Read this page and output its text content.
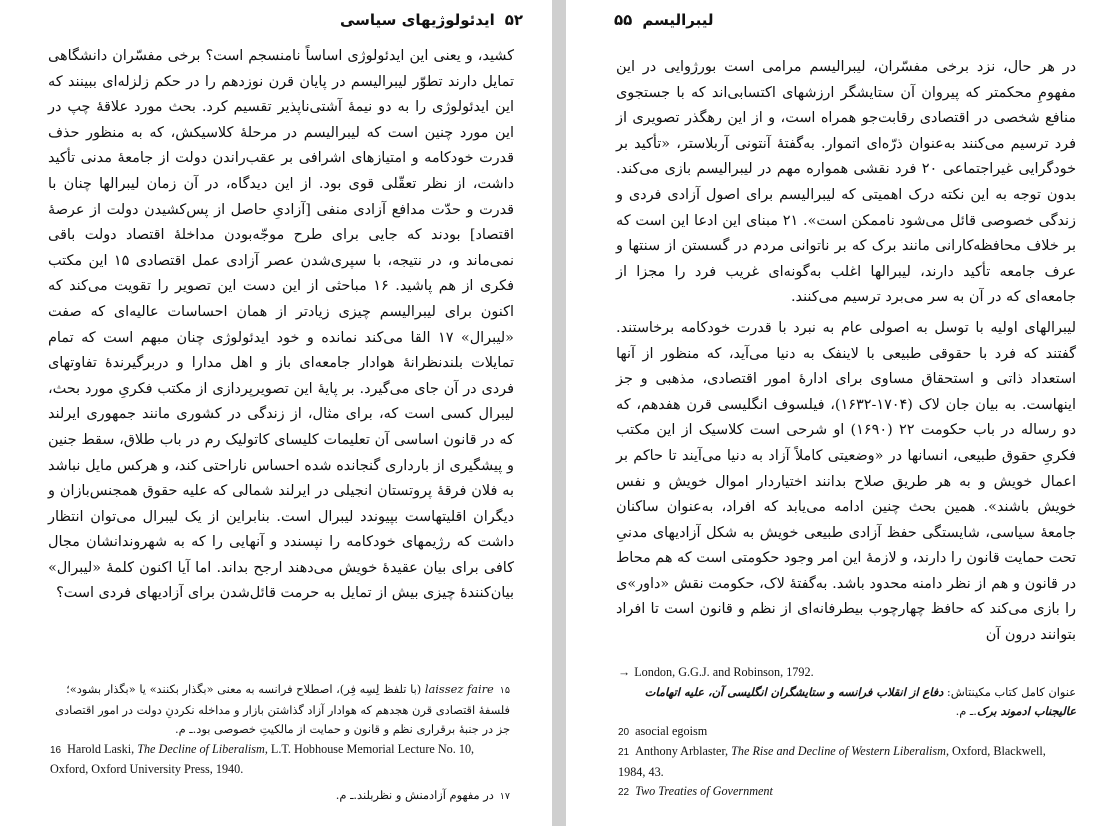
۵۲
ایدئولوژیهای سیاسی

کشید، و یعنی این ایدئولوژی اساساً نامنسجم است؟ برخی مفسّران دانشگاهی تمایل دارند تطوّر لیبرالیسم در پایان قرن نوزدهم را در حکم زلزله‌ای ببینند که این ایدئولوژی را به دو نیمهٔ آشتی‌ناپذیر تقسیم کرد. بحث مورد علاقهٔ چپ در این مورد چنین است که لیبرالیسم در مرحلهٔ کلاسیکش، که به منظور حذف قدرت خودکامه و امتیازهای اشرافی بر عقب‌راندن دولت از جامعهٔ مدنی تأکید داشت، از نظر تعقّلی قوی بود. از این دیدگاه، در آن زمان لیبرالها چنان با قدرت و حدّت مدافع آزادی منفی [آزادیِ حاصل از پس‌کشیدن دولت از عرصهٔ اقتصاد] بودند که جایی برای طرح موجّه‌بودن مداخلهٔ اقتصاد دولت باقی نمی‌ماند و، در نتیجه، با سپری‌شدن عصر آزادی عمل اقتصادی ۱۵ این مکتب فکری از هم پاشید. ۱۶ مباحثی از این دست این تصویر را تقویت می‌کند که اکنون برای لیبرالیسم چیزی زیادتر از همان احساسات عالیه‌ای که صفت «لیبرال» ۱۷ القا می‌کند نمانده و خود ایدئولوژی چنان مبهم است که تمام تمایلات بلند‌نظرانهٔ هوادار جامعه‌ای باز و اهل مدارا و دربرگیرندهٔ تفاوتهای فردی در آن جای می‌گیرد. بر پایهٔ این تصویرپردازی از مکتب فکریِ مورد بحث، لیبرال کسی است که، برای مثال، از زندگی در کشوری مانند جمهوری ایرلند که در قانون اساسی آن تعلیمات کلیسای کاتولیک رم در باب طلاق، سقط جنین و پیشگیری از بارداری گنجانده شده احساس ناراحتی کند، و هرکس مایل نباشد به فلان فرقهٔ پروتستان انجیلی در ایرلند شمالی که علیه حقوق همجنس‌بازان و دیگران اقلیتهاست بپیوندد لیبرال است. بنابراین از یک لیبرال می‌توان انتظار داشت که رژیمهای خودکامه را نپسندد و آنهایی را که به شهروندانشان مجال کافی برای بیان عقیدهٔ خویش می‌دهند ارجح بداند. اما آیا اکنون کلمهٔ «لیبرال» بیان‌کنندهٔ چیزی بیش از تمایل به حرمت قائل‌شدن برای آزادیهای فردی است؟

۱۵laissez faire (با تلفظ لِسِه فِر)، اصطلاح فرانسه به معنی «بگذار بکنند» یا «بگذار بشود»؛ فلسفهٔ اقتصادی قرن هجدهم که هوادار آزاد گذاشتن بازار و مداخله نکردنِ دولت در امور اقتصادی جز در جنبهٔ برقراری نظم و قانون و حمایت از مالکیتِ خصوصی بود.ـ م.

16 Harold Laski, The Decline of Liberalism, L.T. Hobhouse Memorial Lecture No. 10, Oxford, Oxford University Press, 1940.

۱۷در مفهوم آزادمنش و نظربلند.ـ م.

لیبرالیسم
۵۵

در هر حال، نزد برخی مفسّران، لیبرالیسم مرامی است بورژوایی در این مفهومِ محکمتر که پیروان آن ستایشگر ارزشهای اکتسابی‌اند که با جستجوی منافع شخصی در اقتصادی رقابت‌جو همراه است، و از این رهگذر تصویری از فرد ترسیم می‌کنند به‌عنوان ذرّه‌ای اتموار. به‌گفتهٔ آنتونی آربلاستر، «تأکید بر خودگرایی غیراجتماعی ۲۰ فرد نقشی همواره مهم در لیبرالیسم بازی می‌کند. بدون توجه به این نکته درک اهمیتی که لیبرالیسم برای اصول آزادی فردی و زندگی خصوصی قائل می‌شود ناممکن است». ۲۱ مبنای این ادعا این است که بر خلاف محافظه‌کارانی مانند برک که بر ناتوانی مردم در گسستن از سنتها و عرف جامعه تأکید دارند، لیبرالها اغلب به‌گونه‌ای غریب فرد را مجزا از جامعه‌ای که در آن به سر می‌برد ترسیم می‌کنند.

لیبرالهای اولیه با توسل به اصولی عام به نبرد با قدرت خودکامه برخاستند. گفتند که فرد با حقوقی طبیعی با لاینفک به دنیا می‌آید، که منظور از آنها استعداد ذاتی و استحقاق مساوی برای ادارهٔ امور اقتصادی، مذهبی و جز اینهاست. به بیان جان لاک (۱۷۰۴-۱۶۳۲)، فیلسوف انگلیسی قرن هفدهم، که دو رساله در باب حکومت ۲۲ (۱۶۹۰) او شرحی است کلاسیک از این مکتب فکریِ حقوق طبیعی، انسانها در «وضعیتی کاملاً آزاد به دنیا می‌آیند تا حاکم بر اعمال خویش و به هر طریق صلاح بدانند اختیاردار اموال خویش و نفس خویش باشند». همین بحث چنین ادامه می‌یابد که افراد، به‌عنوان ساکنان جامعهٔ سیاسی، شایستگی حفظ آزادی طبیعی خویش به شکل آزادیهای مدنیِ تحت حمایت قانون را دارند، و لازمهٔ این امر وجود حکومتی است که هم محاط در قانون و هم از نظر دامنه محدود باشد. به‌گفتهٔ لاک، حکومت نقش «داور»ی را بازی می‌کند که حافظ چهارچوب بیطرفانه‌ای از نظم و قانون است تا افراد بتوانند درون آن

→ London, G.G.J. and Robinson, 1792.

عنوان کامل کتاب مکینتاش: دفاع از انقلاب فرانسه و ستایشگران انگلیسی آن، علیه اتهامات عالیجناب ادموند برک.ـ م.

20 asocial egoism

21 Anthony Arblaster, The Rise and Decline of Western Liberalism, Oxford, Blackwell, 1984, 43.

22 Two Treaties of Government
